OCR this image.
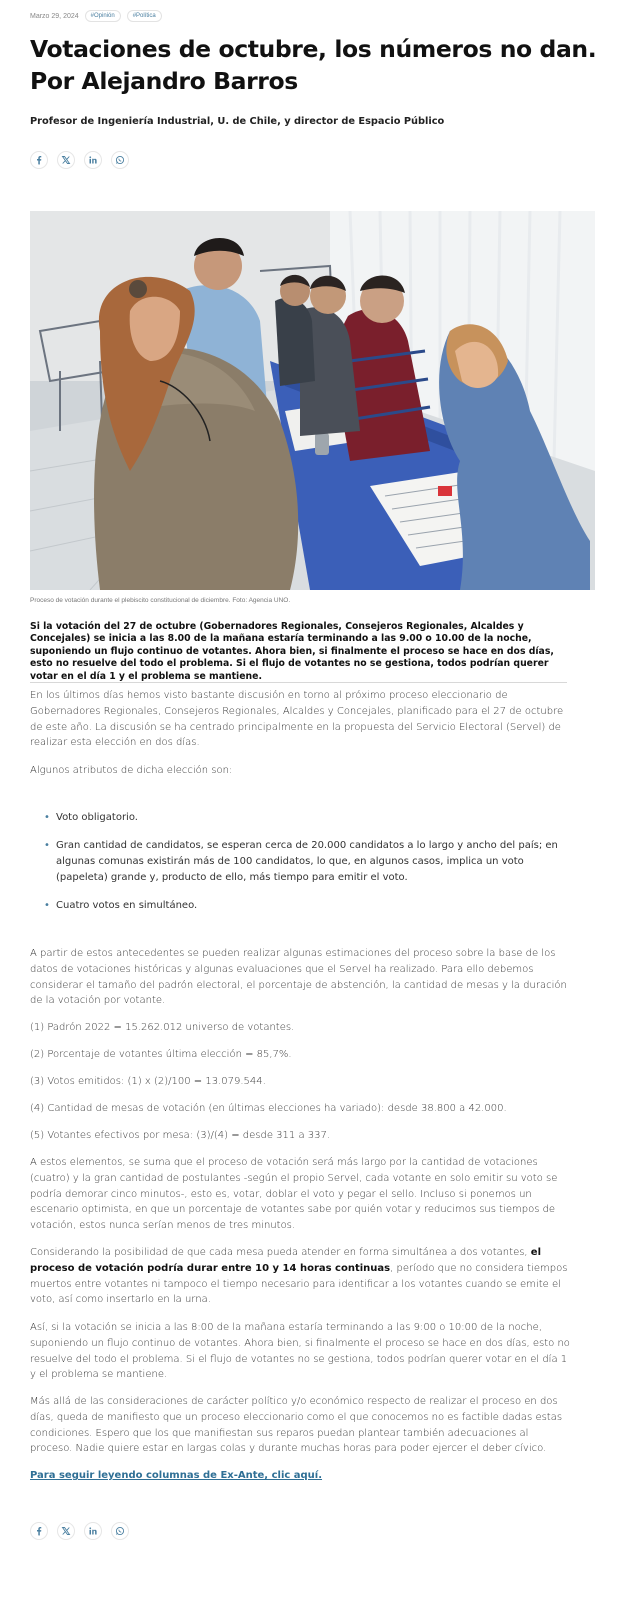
Marzo 29, 2024	#Opinión	#Política
Votaciones de octubre, los números no dan. Por Alejandro Barros
Profesor de Ingeniería Industrial, U. de Chile, y director de Espacio Público
Proceso de votación durante el plebiscito constitucional de diciembre. Foto: Agencia UNO.
Si la votación del 27 de octubre (Gobernadores Regionales, Consejeros Regionales, Alcaldes y Concejales) se inicia a las 8.00 de la mañana estaría terminando a las 9.00 o 10.00 de la noche, suponiendo un flujo continuo de votantes. Ahora bien, si finalmente el proceso se hace en dos días, esto no resuelve del todo el problema. Si el flujo de votantes no se gestiona, todos podrían querer votar en el día 1 y el problema se mantiene.

En los últimos días hemos visto bastante discusión en torno al próximo proceso eleccionario de Gobernadores Regionales, Consejeros Regionales, Alcaldes y Concejales, planificado para el 27 de octubre de este año. La discusión se ha centrado principalmente en la propuesta del Servicio Electoral (Servel) de realizar esta elección en dos días.

Algunos atributos de dicha elección son:

• Voto obligatorio.
• Gran cantidad de candidatos, se esperan cerca de 20.000 candidatos a lo largo y ancho del país; en algunas comunas existirán más de 100 candidatos, lo que, en algunos casos, implica un voto (papeleta) grande y, producto de ello, más tiempo para emitir el voto.
• Cuatro votos en simultáneo.

A partir de estos antecedentes se pueden realizar algunas estimaciones del proceso sobre la base de los datos de votaciones históricas y algunas evaluaciones que el Servel ha realizado. Para ello debemos considerar el tamaño del padrón electoral, el porcentaje de abstención, la cantidad de mesas y la duración de la votación por votante.

(1) Padrón 2022 = 15.262.012 universo de votantes.

(2) Porcentaje de votantes última elección = 85,7%.

(3) Votos emitidos: (1) x (2)/100 = 13.079.544.

(4) Cantidad de mesas de votación (en últimas elecciones ha variado): desde 38.800 a 42.000.

(5) Votantes efectivos por mesa: (3)/(4) = desde 311 a 337.

A estos elementos, se suma que el proceso de votación será más largo por la cantidad de votaciones (cuatro) y la gran cantidad de postulantes -según el propio Servel, cada votante en solo emitir su voto se podría demorar cinco minutos-, esto es, votar, doblar el voto y pegar el sello. Incluso si ponemos un escenario optimista, en que un porcentaje de votantes sabe por quién votar y reducimos sus tiempos de votación, estos nunca serían menos de tres minutos.

Considerando la posibilidad de que cada mesa pueda atender en forma simultánea a dos votantes, el proceso de votación podría durar entre 10 y 14 horas continuas, período que no considera tiempos muertos entre votantes ni tampoco el tiempo necesario para identificar a los votantes cuando se emite el voto, así como insertarlo en la urna.

Así, si la votación se inicia a las 8:00 de la mañana estaría terminando a las 9:00 o 10:00 de la noche, suponiendo un flujo continuo de votantes. Ahora bien, si finalmente el proceso se hace en dos días, esto no resuelve del todo el problema. Si el flujo de votantes no se gestiona, todos podrían querer votar en el día 1 y el problema se mantiene.

Más allá de las consideraciones de carácter político y/o económico respecto de realizar el proceso en dos días, queda de manifiesto que un proceso eleccionario como el que conocemos no es factible dadas estas condiciones. Espero que los que manifiestan sus reparos puedan plantear también adecuaciones al proceso. Nadie quiere estar en largas colas y durante muchas horas para poder ejercer el deber cívico.

Para seguir leyendo columnas de Ex-Ante, clic aquí.
